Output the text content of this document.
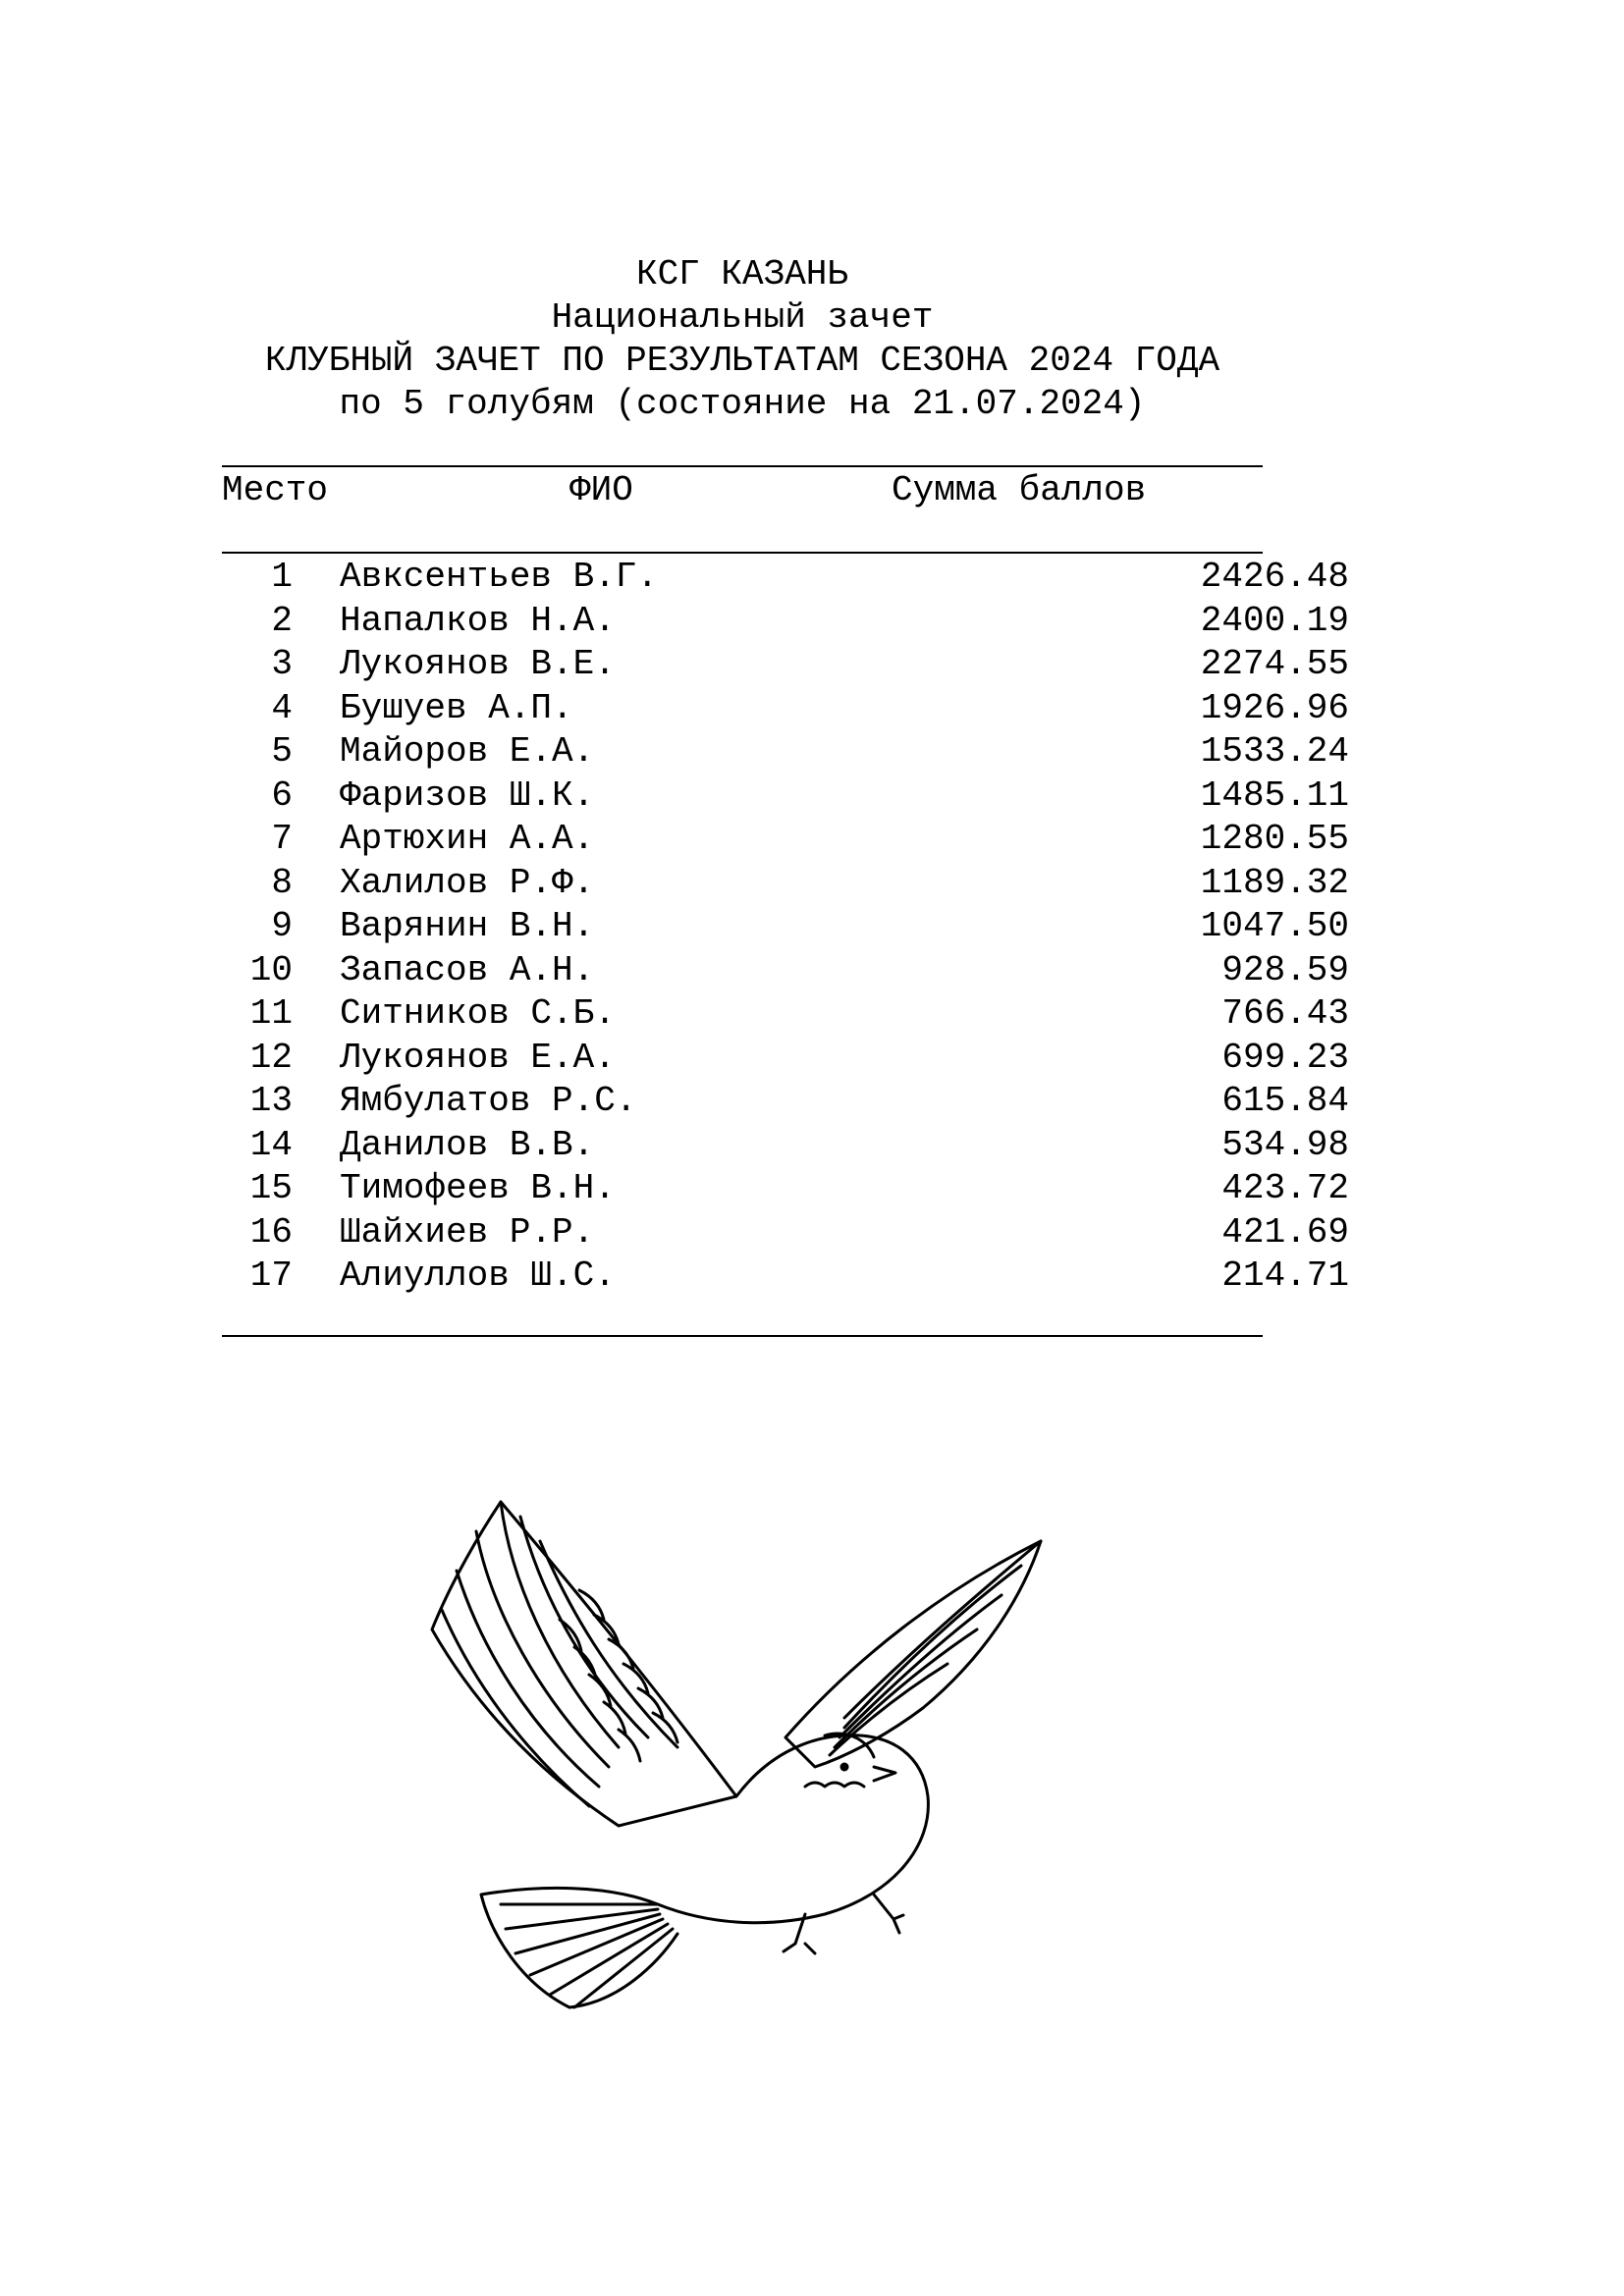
КСГ КАЗАНЬ
Национальный зачет
КЛУБНЫЙ ЗАЧЕТ ПО РЕЗУЛЬТАТАМ СЕЗОНА 2024 ГОДА
по 5 голубям (состояние на 21.07.2024)
Место	ФИО	Сумма баллов
1 Авксентьев В.Г.	2426.48
2 Напалков Н.А.	2400.19
3 Лукоянов В.Е.	2274.55
4 Бушуев А.П.	1926.96
5 Майоров Е.А.	1533.24
6 Фаризов Ш.К.	1485.11
7 Артюхин А.А.	1280.55
8 Халилов Р.Ф.	1189.32
9 Варянин В.Н.	1047.50
10 Запасов А.Н.	928.59
11 Ситников С.Б.	766.43
12 Лукоянов Е.А.	699.23
13 Ямбулатов Р.С.	615.84
14 Данилов В.В.	534.98
15 Тимофеев В.Н.	423.72
16 Шайхиев Р.Р.	421.69
17 Алиуллов Ш.С.	214.71
